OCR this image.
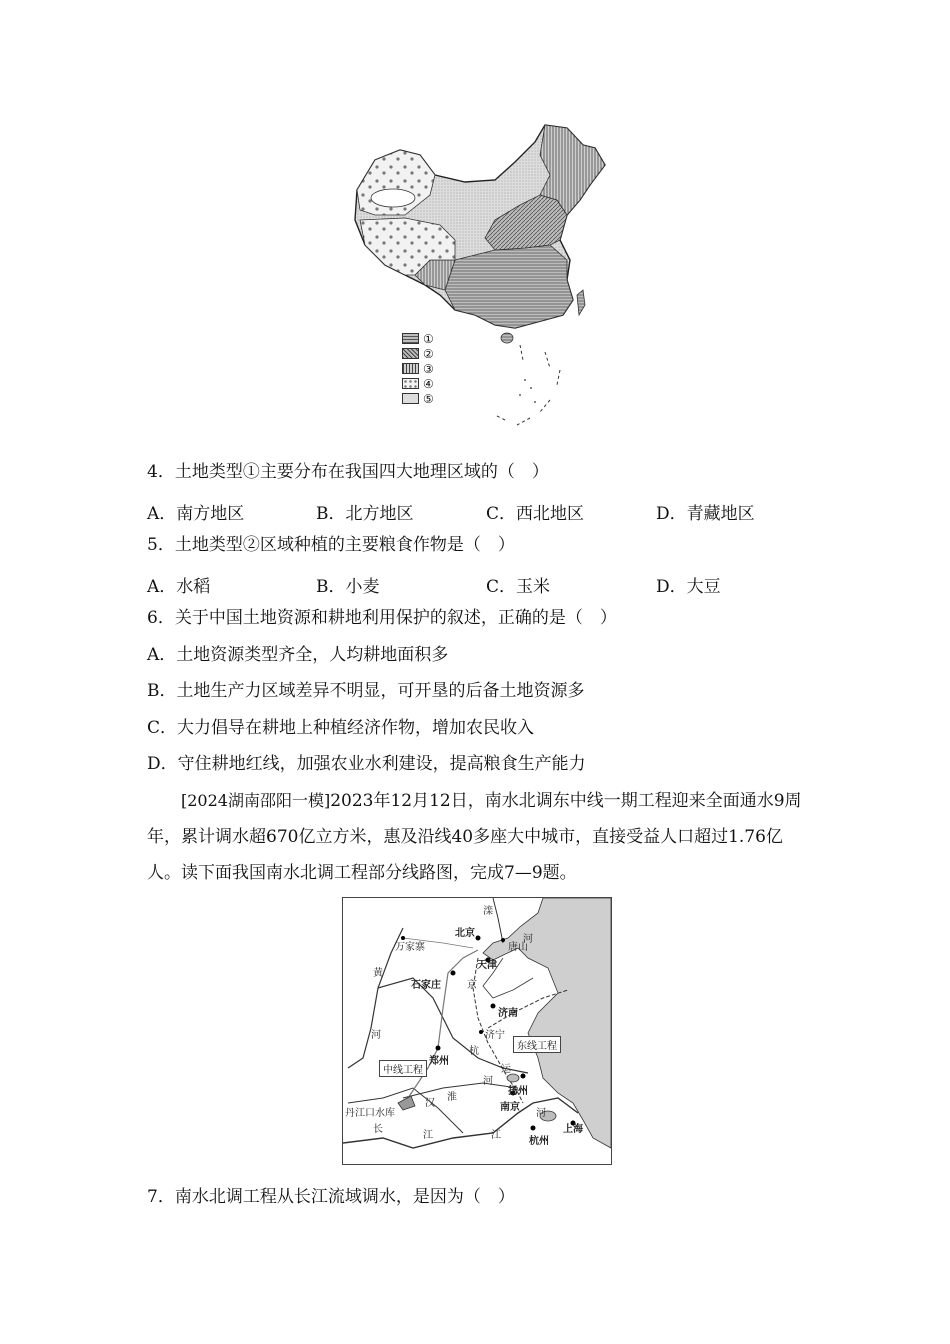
①
②
③
④
⑤
4．土地类型①主要分布在我国四大地理区域的（　）
A．南方地区	B．北方地区	C．西北地区	D．青藏地区
5．土地类型②区域种植的主要粮食作物是（　）
A．水稻	B．小麦	C．玉米	D．大豆
6．关于中国土地资源和耕地利用保护的叙述，正确的是（　）
A．土地资源类型齐全，人均耕地面积多
B．土地生产力区域差异不明显，可开垦的后备土地资源多
C．大力倡导在耕地上种植经济作物，增加农民收入
D．守住耕地红线，加强农业水利建设，提高粮食生产能力
[2024湖南邵阳一模]2023年12月12日，南水北调东中线一期工程迎来全面通水9周年，累计调水超670亿立方米，惠及沿线40多座大中城市，直接受益人口超过1.76亿人。读下面我国南水北调工程部分线路图，完成7—9题。
滦
河
北京
唐山
万家寨
天津
黄
石家庄	京
河
济南
济宁
杭
郑州
东线工程
中线工程	运
淮
河
扬州
汉
丹江口水库
南京
河
长
江	江
上海
杭州
7．南水北调工程从长江流域调水，是因为（　）
